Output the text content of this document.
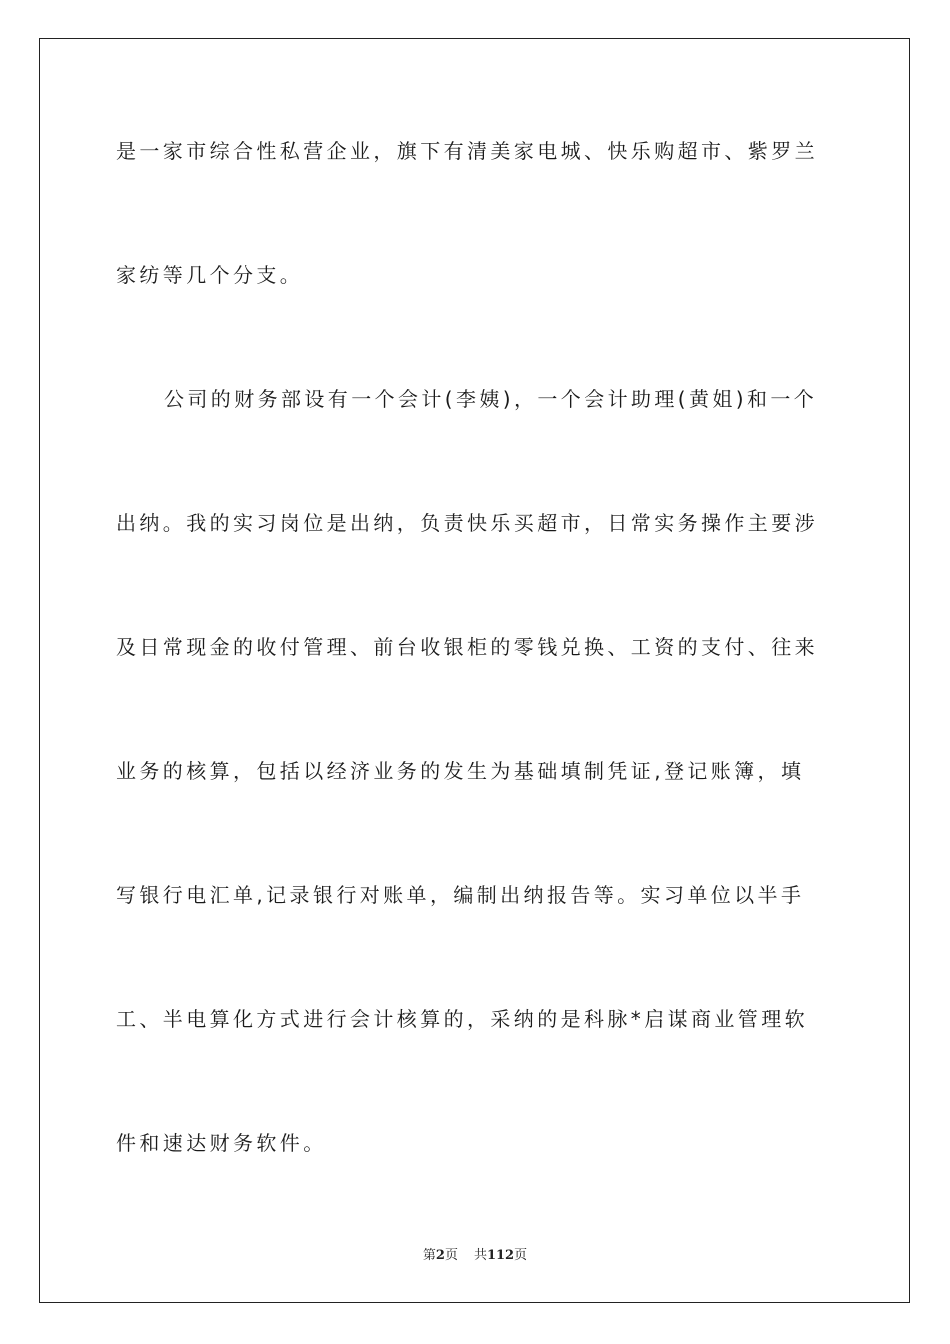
是一家市综合性私营企业，旗下有清美家电城、快乐购超市、紫罗兰
家纺等几个分支。
公司的财务部设有一个会计(李姨)，一个会计助理(黄姐)和一个
出纳。我的实习岗位是出纳，负责快乐买超市，日常实务操作主要涉
及日常现金的收付管理、前台收银柜的零钱兑换、工资的支付、往来
业务的核算，包括以经济业务的发生为基础填制凭证,登记账簿，填
写银行电汇单,记录银行对账单，编制出纳报告等。实习单位以半手
工、半电算化方式进行会计核算的，采纳的是科脉*启谋商业管理软
件和速达财务软件。
第2页 共112页
